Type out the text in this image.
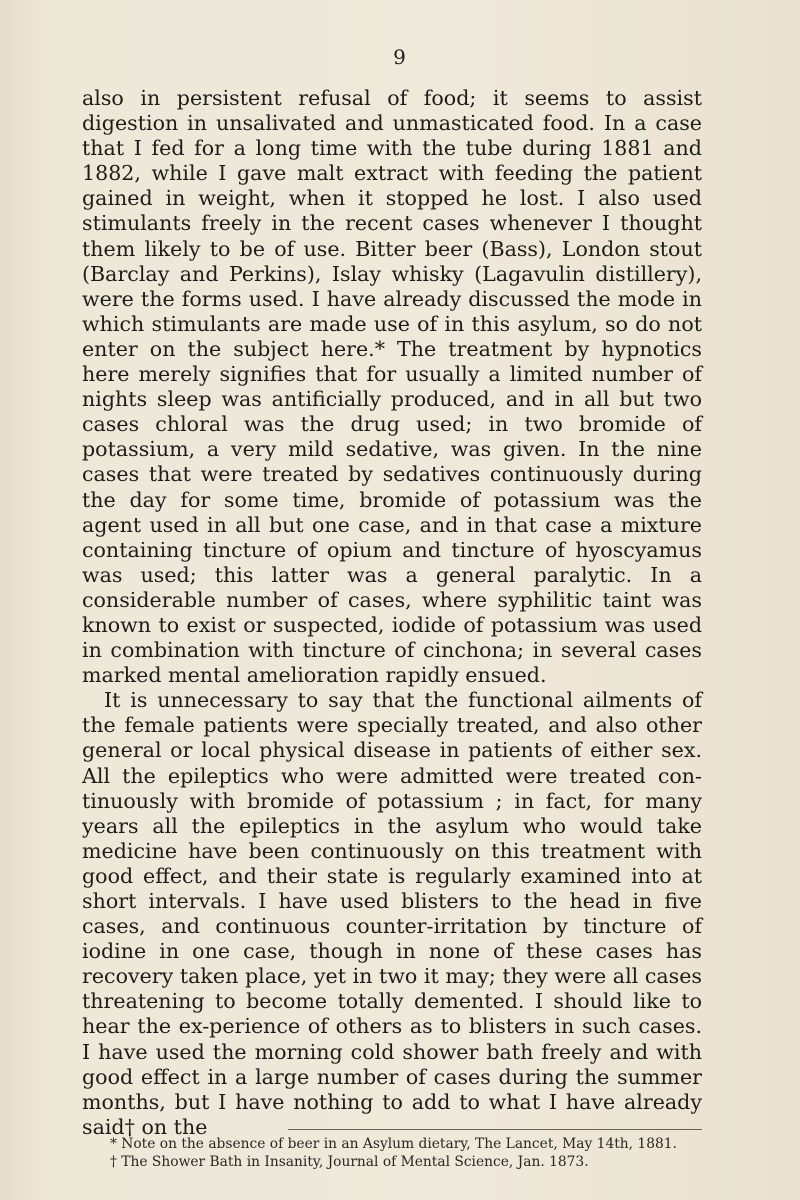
9

also in persistent refusal of food; it seems to assist digestion in unsalivated and unmasticated food. In a case that I fed for a long time with the tube during 1881 and 1882, while I gave malt extract with feeding the patient gained in weight, when it stopped he lost. I also used stimulants freely in the recent cases whenever I thought them likely to be of use. Bitter beer (Bass), London stout (Barclay and Perkins), Islay whisky (Lagavulin distillery), were the forms used. I have already discussed the mode in which stimulants are made use of in this asylum, so do not enter on the subject here.* The treatment by hypnotics here merely signifies that for usually a limited number of nights sleep was antificially produced, and in all but two cases chloral was the drug used; in two bromide of potassium, a very mild sedative, was given. In the nine cases that were treated by sedatives continuously during the day for some time, bromide of potassium was the agent used in all but one case, and in that case a mixture containing tincture of opium and tincture of hyoscyamus was used; this latter was a general paralytic. In a considerable number of cases, where syphilitic taint was known to exist or suspected, iodide of potassium was used in combination with tincture of cinchona; in several cases marked mental amelioration rapidly ensued.

It is unnecessary to say that the functional ailments of the female patients were specially treated, and also other general or local physical disease in patients of either sex. All the epileptics who were admitted were treated con-tinuously with bromide of potassium ; in fact, for many years all the epileptics in the asylum who would take medicine have been continuously on this treatment with good effect, and their state is regularly examined into at short intervals. I have used blisters to the head in five cases, and continuous counter-irritation by tincture of iodine in one case, though in none of these cases has recovery taken place, yet in two it may; they were all cases threatening to become totally demented. I should like to hear the ex-perience of others as to blisters in such cases. I have used the morning cold shower bath freely and with good effect in a large number of cases during the summer months, but I have nothing to add to what I have already said† on the

* Note on the absence of beer in an Asylum dietary, The Lancet, May 14th, 1881.

† The Shower Bath in Insanity, Journal of Mental Science, Jan. 1873.
